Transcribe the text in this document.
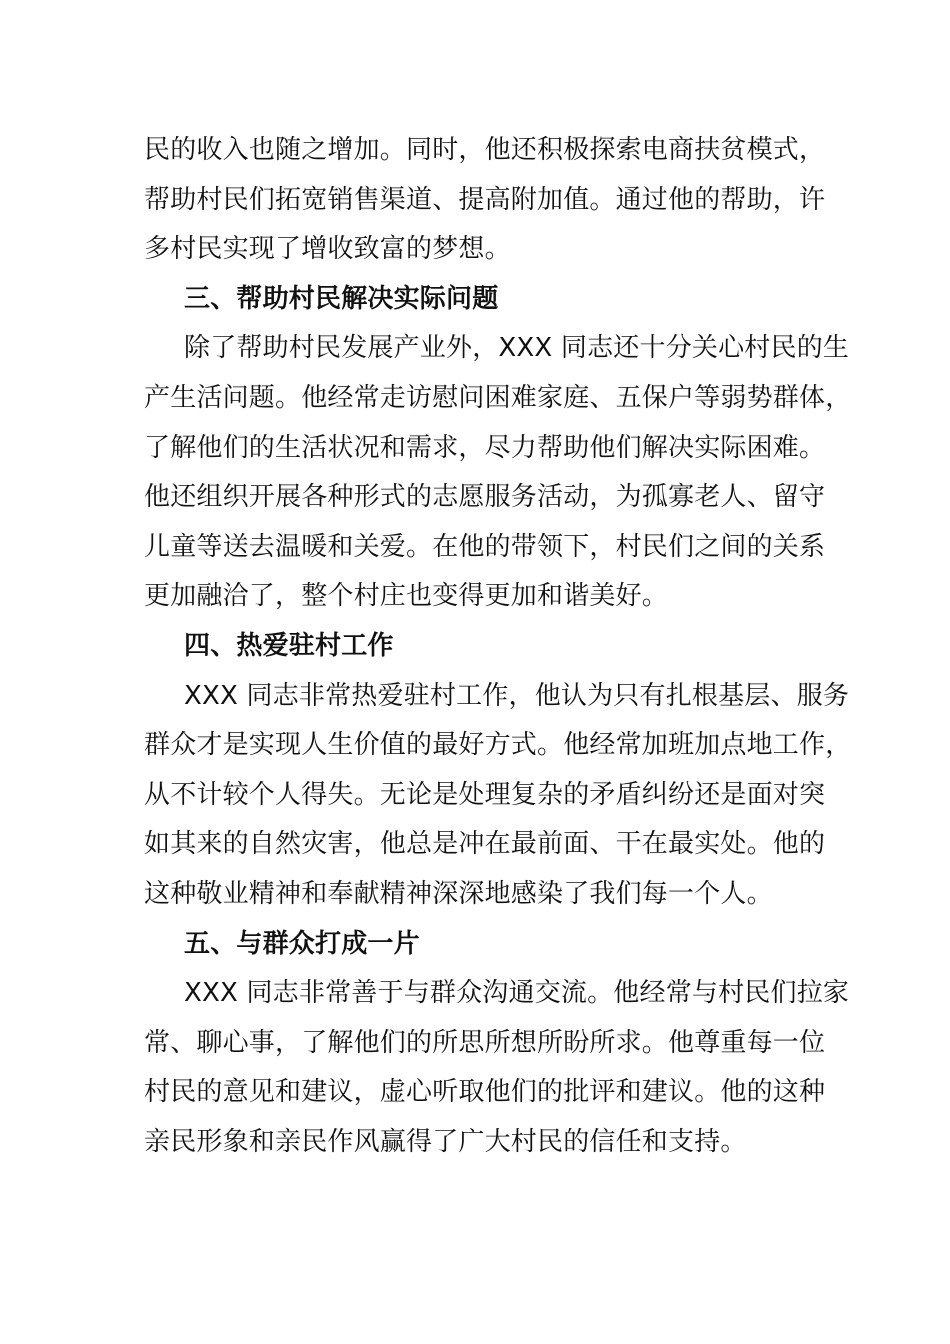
民的收入也随之增加。同时，他还积极探索电商扶贫模式，
帮助村民们拓宽销售渠道、提高附加值。通过他的帮助，许
多村民实现了增收致富的梦想。
三、帮助村民解决实际问题
除了帮助村民发展产业外，XXX 同志还十分关心村民的生
产生活问题。他经常走访慰问困难家庭、五保户等弱势群体，
了解他们的生活状况和需求，尽力帮助他们解决实际困难。
他还组织开展各种形式的志愿服务活动，为孤寡老人、留守
儿童等送去温暖和关爱。在他的带领下，村民们之间的关系
更加融洽了，整个村庄也变得更加和谐美好。
四、热爱驻村工作
XXX 同志非常热爱驻村工作，他认为只有扎根基层、服务
群众才是实现人生价值的最好方式。他经常加班加点地工作，
从不计较个人得失。无论是处理复杂的矛盾纠纷还是面对突
如其来的自然灾害，他总是冲在最前面、干在最实处。他的
这种敬业精神和奉献精神深深地感染了我们每一个人。
五、与群众打成一片
XXX 同志非常善于与群众沟通交流。他经常与村民们拉家
常、聊心事，了解他们的所思所想所盼所求。他尊重每一位
村民的意见和建议，虚心听取他们的批评和建议。他的这种
亲民形象和亲民作风赢得了广大村民的信任和支持。
